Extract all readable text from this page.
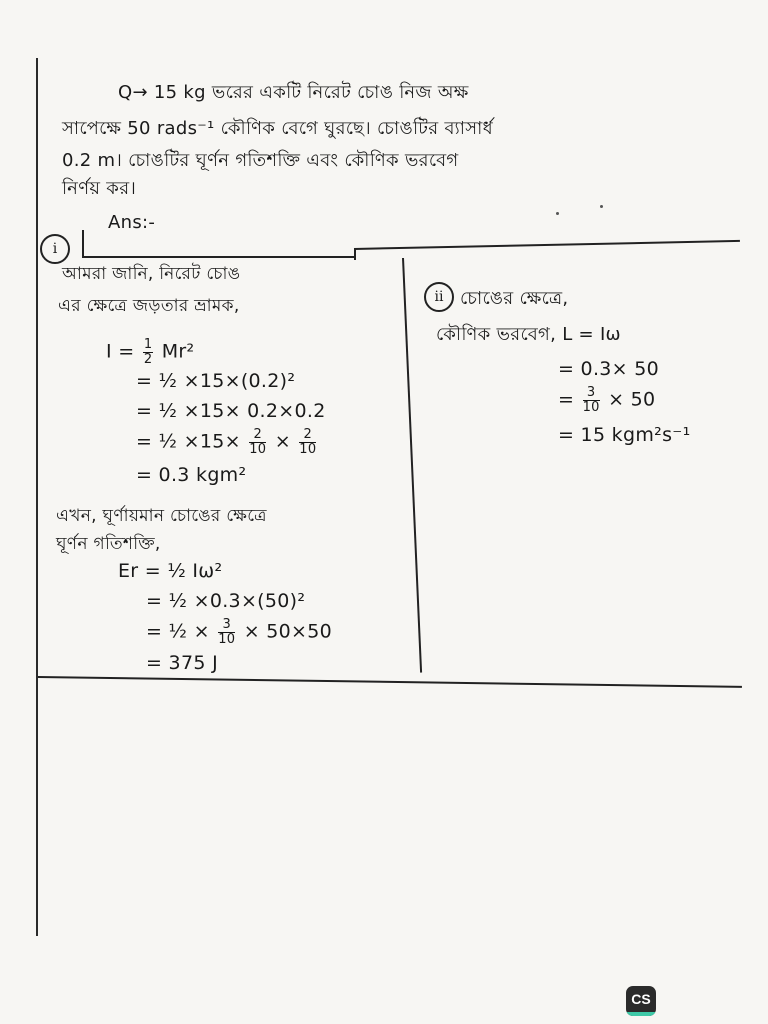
Q→ 15 kg ভরের একটি নিরেট চোঙ নিজ অক্ষ
সাপেক্ষে 50 rads⁻¹ কৌণিক বেগে ঘুরছে। চোঙটির ব্যাসার্ধ
0.2 m। চোঙটির ঘূর্ণন গতিশক্তি এবং কৌণিক ভরবেগ
নির্ণয় কর।
Ans:-
i
আমরা জানি, নিরেট চোঙ
এর ক্ষেত্রে জড়তার ভ্রামক,
$I = \frac{1}{2} Mr^2$
= ½ ×15×(0.2)²
= ½ ×15× 0.2×0.2
= ½ $\times 15\times \frac{2}{10} \times \frac{2}{10}$
= 0.3 kgm²
এখন, ঘূর্ণায়মান চোঙের ক্ষেত্রে
ঘূর্ণন গতিশক্তি,
Er = ½ Iω²
= ½ ×0.3×(50)²
= ½ × $\frac{3}{10} \times 50\times 50$
= 375 J
ii চোঙের ক্ষেত্রে,
কৌণিক ভরবেগ, L = Iω
= 0.3× 50
= $\frac{3}{10} \times 50$
= 15 kgm²s⁻¹
CS
